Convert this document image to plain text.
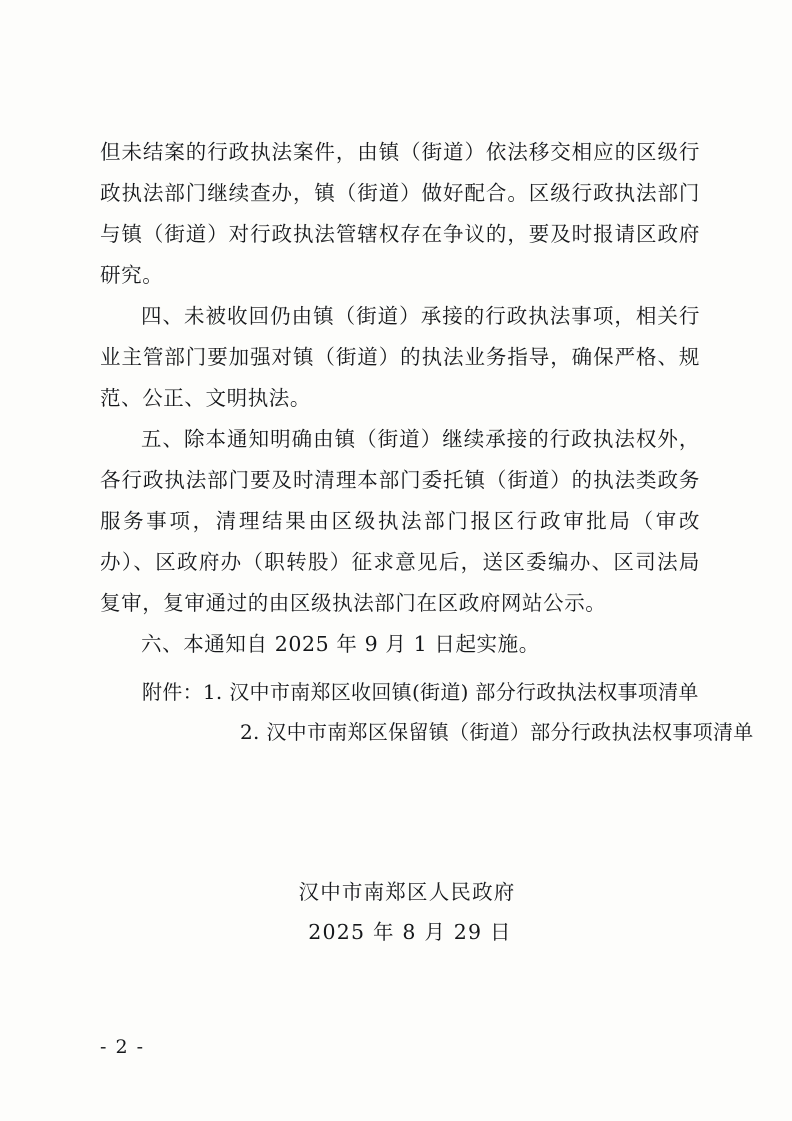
但未结案的行政执法案件，由镇（街道）依法移交相应的区级行政执法部门继续查办，镇（街道）做好配合。区级行政执法部门与镇（街道）对行政执法管辖权存在争议的，要及时报请区政府研究。

四、未被收回仍由镇（街道）承接的行政执法事项，相关行业主管部门要加强对镇（街道）的执法业务指导，确保严格、规范、公正、文明执法。

五、除本通知明确由镇（街道）继续承接的行政执法权外，各行政执法部门要及时清理本部门委托镇（街道）的执法类政务服务事项，清理结果由区级执法部门报区行政审批局（审改办）、区政府办（职转股）征求意见后，送区委编办、区司法局复审，复审通过的由区级执法部门在区政府网站公示。

六、本通知自 2025 年 9 月 1 日起实施。

附件：1. 汉中市南郑区收回镇(街道) 部分行政执法权事项清单
2. 汉中市南郑区保留镇（街道）部分行政执法权事项清单
汉中市南郑区人民政府
2025 年 8 月 29 日
- 2 -
